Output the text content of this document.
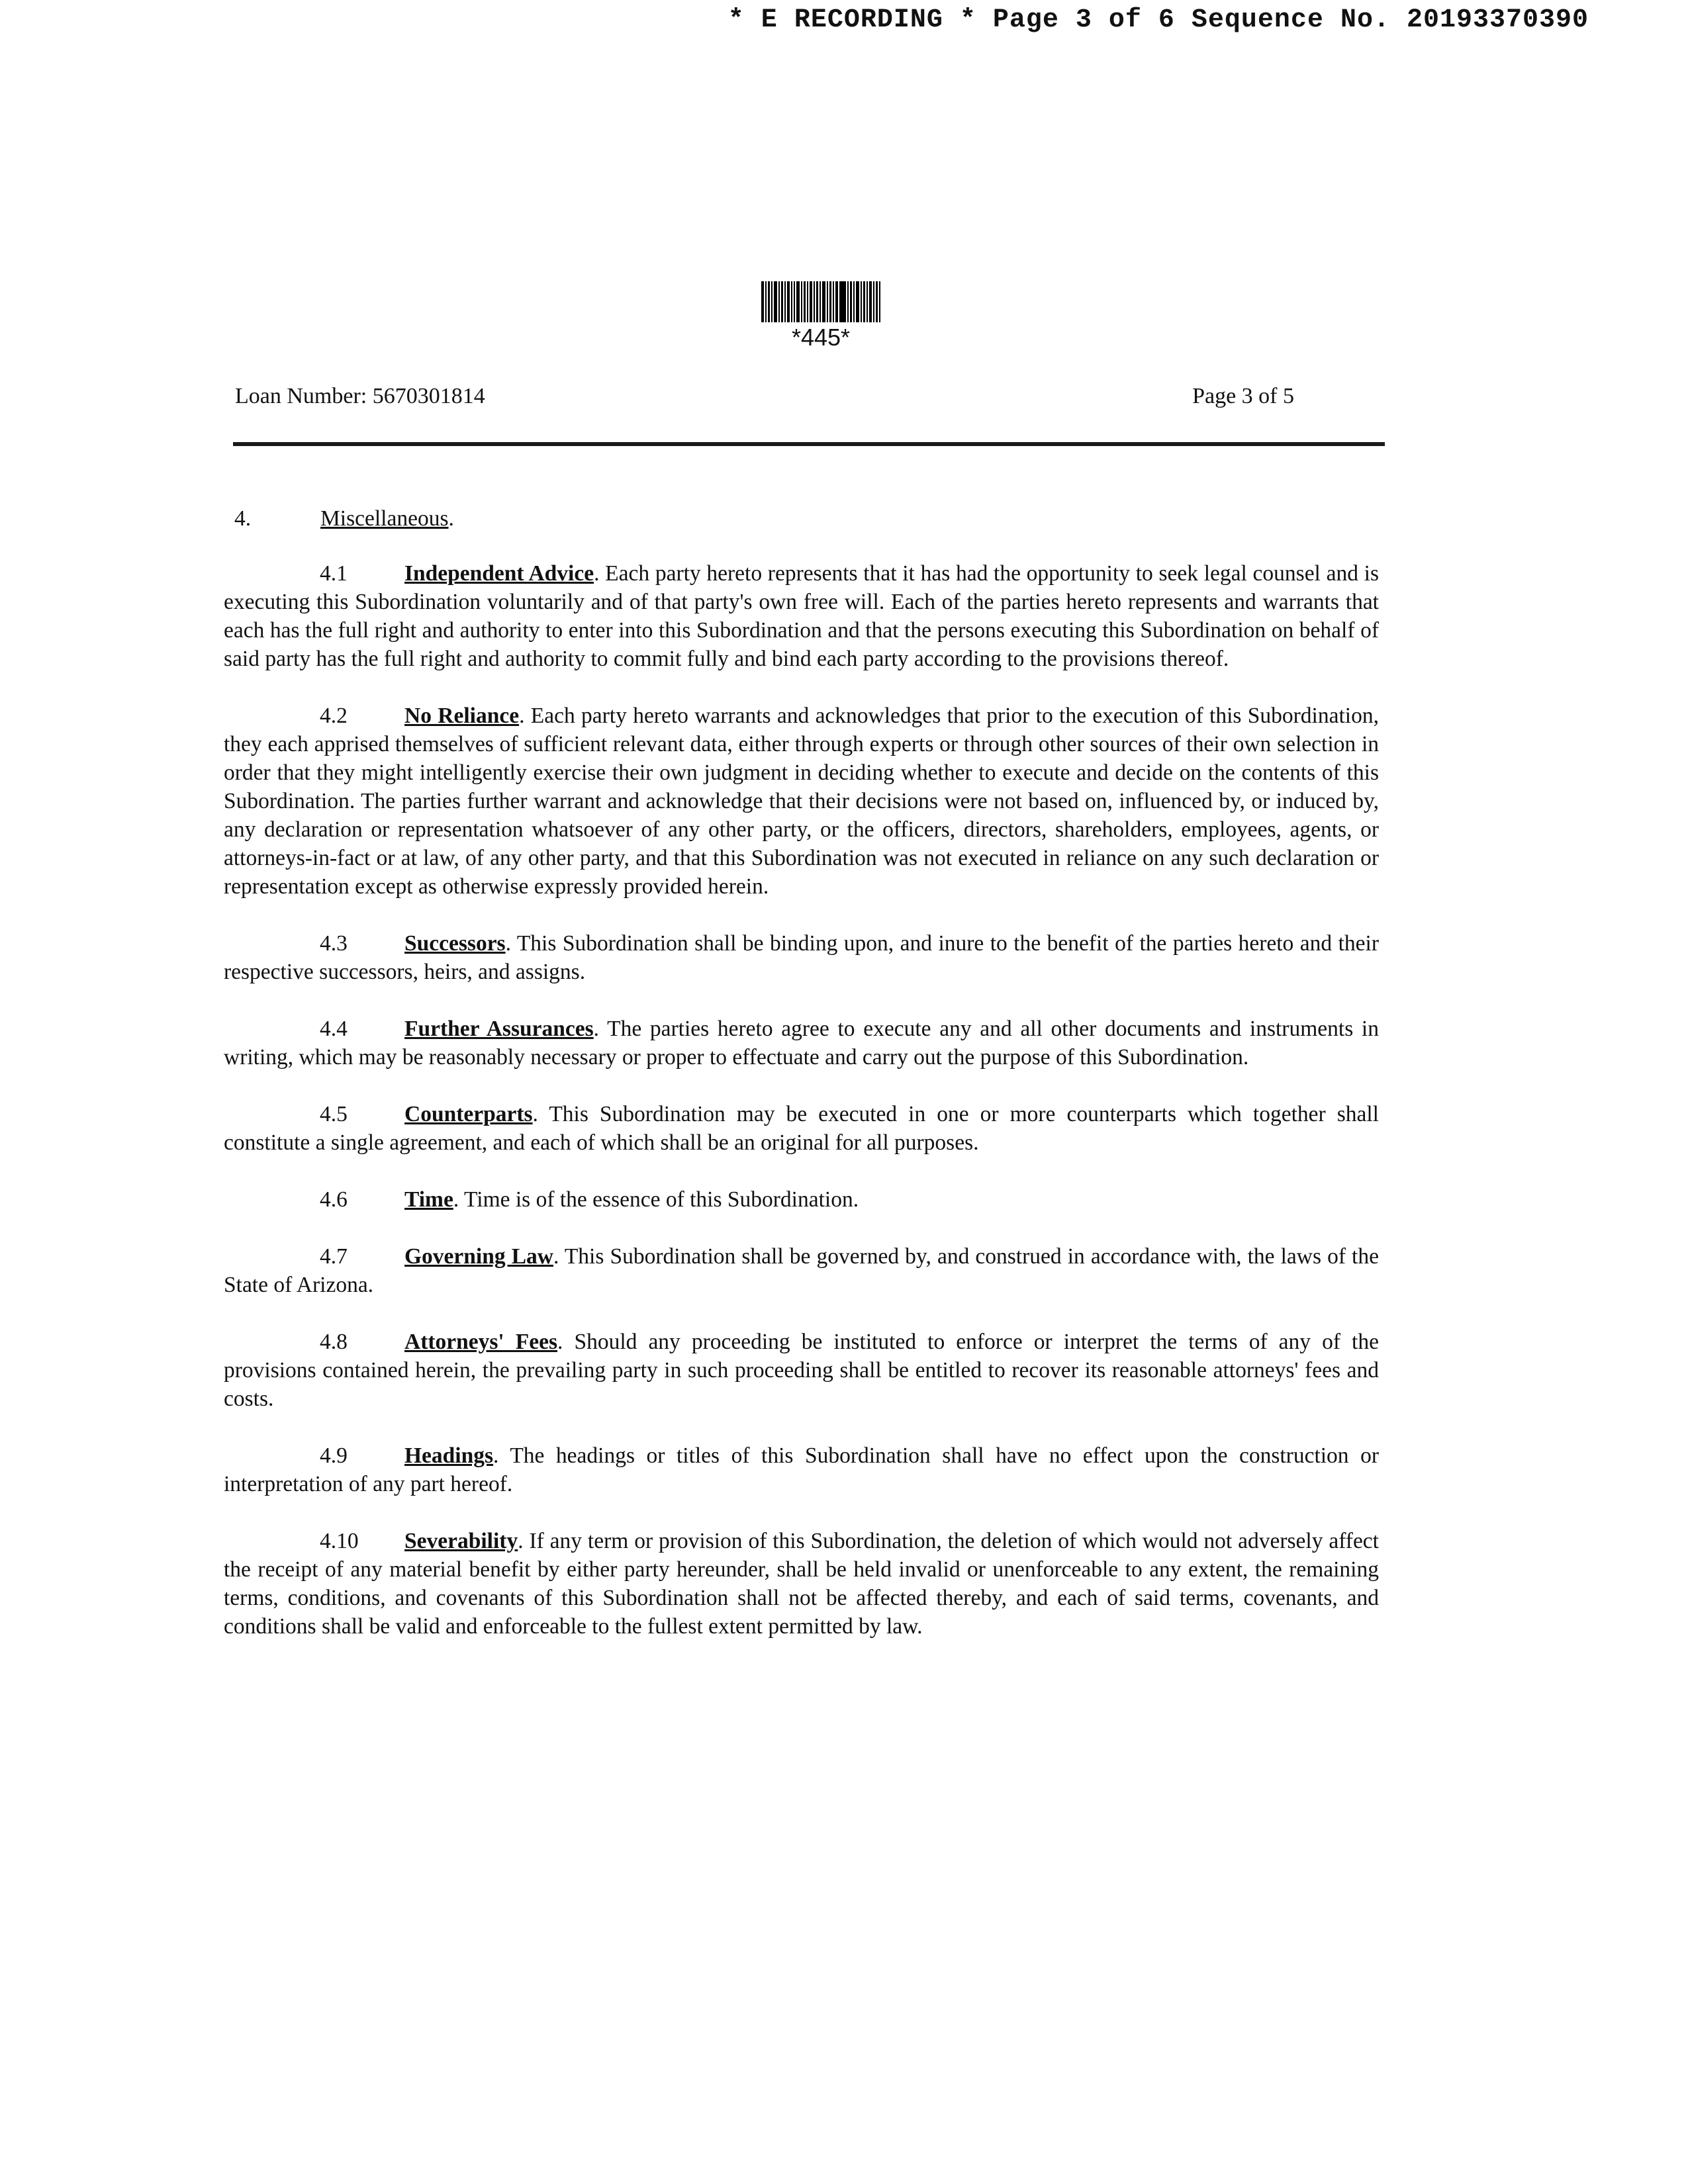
* E RECORDING * Page 3 of 6 Sequence No. 20193370390
*445*
Loan Number: 5670301814	Page 3 of 5
4.	Miscellaneous.

4.1	Independent Advice. Each party hereto represents that it has had the opportunity to seek legal counsel and is executing this Subordination voluntarily and of that party's own free will. Each of the parties hereto represents and warrants that each has the full right and authority to enter into this Subordination and that the persons executing this Subordination on behalf of said party has the full right and authority to commit fully and bind each party according to the provisions thereof.

4.2	No Reliance. Each party hereto warrants and acknowledges that prior to the execution of this Subordination, they each apprised themselves of sufficient relevant data, either through experts or through other sources of their own selection in order that they might intelligently exercise their own judgment in deciding whether to execute and decide on the contents of this Subordination. The parties further warrant and acknowledge that their decisions were not based on, influenced by, or induced by, any declaration or representation whatsoever of any other party, or the officers, directors, shareholders, employees, agents, or attorneys-in-fact or at law, of any other party, and that this Subordination was not executed in reliance on any such declaration or representation except as otherwise expressly provided herein.

4.3	Successors. This Subordination shall be binding upon, and inure to the benefit of the parties hereto and their respective successors, heirs, and assigns.

4.4	Further Assurances. The parties hereto agree to execute any and all other documents and instruments in writing, which may be reasonably necessary or proper to effectuate and carry out the purpose of this Subordination.

4.5	Counterparts. This Subordination may be executed in one or more counterparts which together shall constitute a single agreement, and each of which shall be an original for all purposes.

4.6	Time. Time is of the essence of this Subordination.

4.7	Governing Law. This Subordination shall be governed by, and construed in accordance with, the laws of the State of Arizona.

4.8	Attorneys' Fees. Should any proceeding be instituted to enforce or interpret the terms of any of the provisions contained herein, the prevailing party in such proceeding shall be entitled to recover its reasonable attorneys' fees and costs.

4.9	Headings. The headings or titles of this Subordination shall have no effect upon the construction or interpretation of any part hereof.

4.10 Severability. If any term or provision of this Subordination, the deletion of which would not adversely affect the receipt of any material benefit by either party hereunder, shall be held invalid or unenforceable to any extent, the remaining terms, conditions, and covenants of this Subordination shall not be affected thereby, and each of said terms, covenants, and conditions shall be valid and enforceable to the fullest extent permitted by law.
